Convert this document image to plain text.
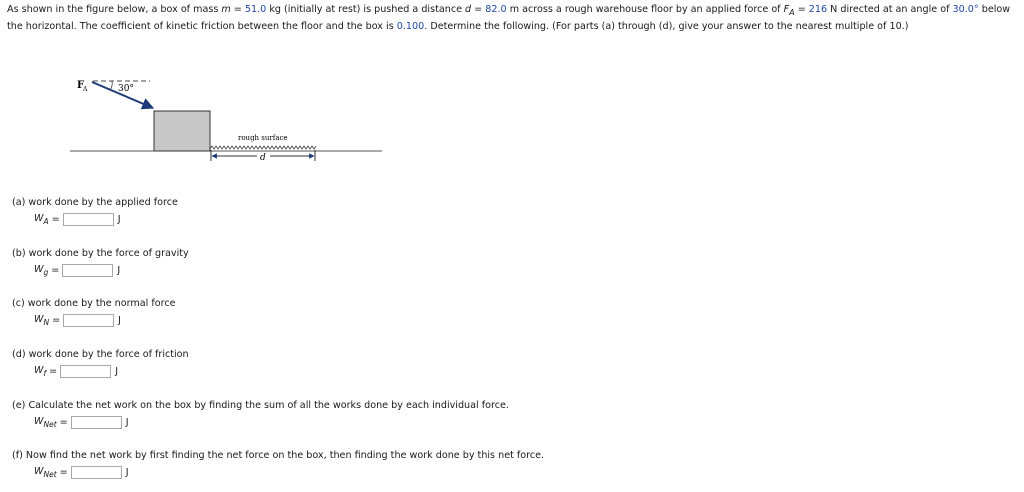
As shown in the figure below, a box of mass m = 51.0 kg (initially at rest) is pushed a distance d = 82.0 m across a rough warehouse floor by an applied force of $F_A = 216$ N directed at an angle of 30.0° below the horizontal. The coefficient of kinetic friction between the floor and the box is 0.100. Determine the following. (For parts (a) through (d), give your answer to the nearest multiple of 10.)

F
A	30°
rough surface
d
(a) work done by the applied force
$W_A$ =	J
(b) work done by the force of gravity
$W_g$ =	J
(c) work done by the normal force
$W_N$ =	J
(d) work done by the force of friction
$W_f$ =	J
(e) Calculate the net work on the box by finding the sum of all the works done by each individual force.
$W_{Net}$ =	J
(f) Now find the net work by first finding the net force on the box, then finding the work done by this net force.
$W_{Net}$ =	J
